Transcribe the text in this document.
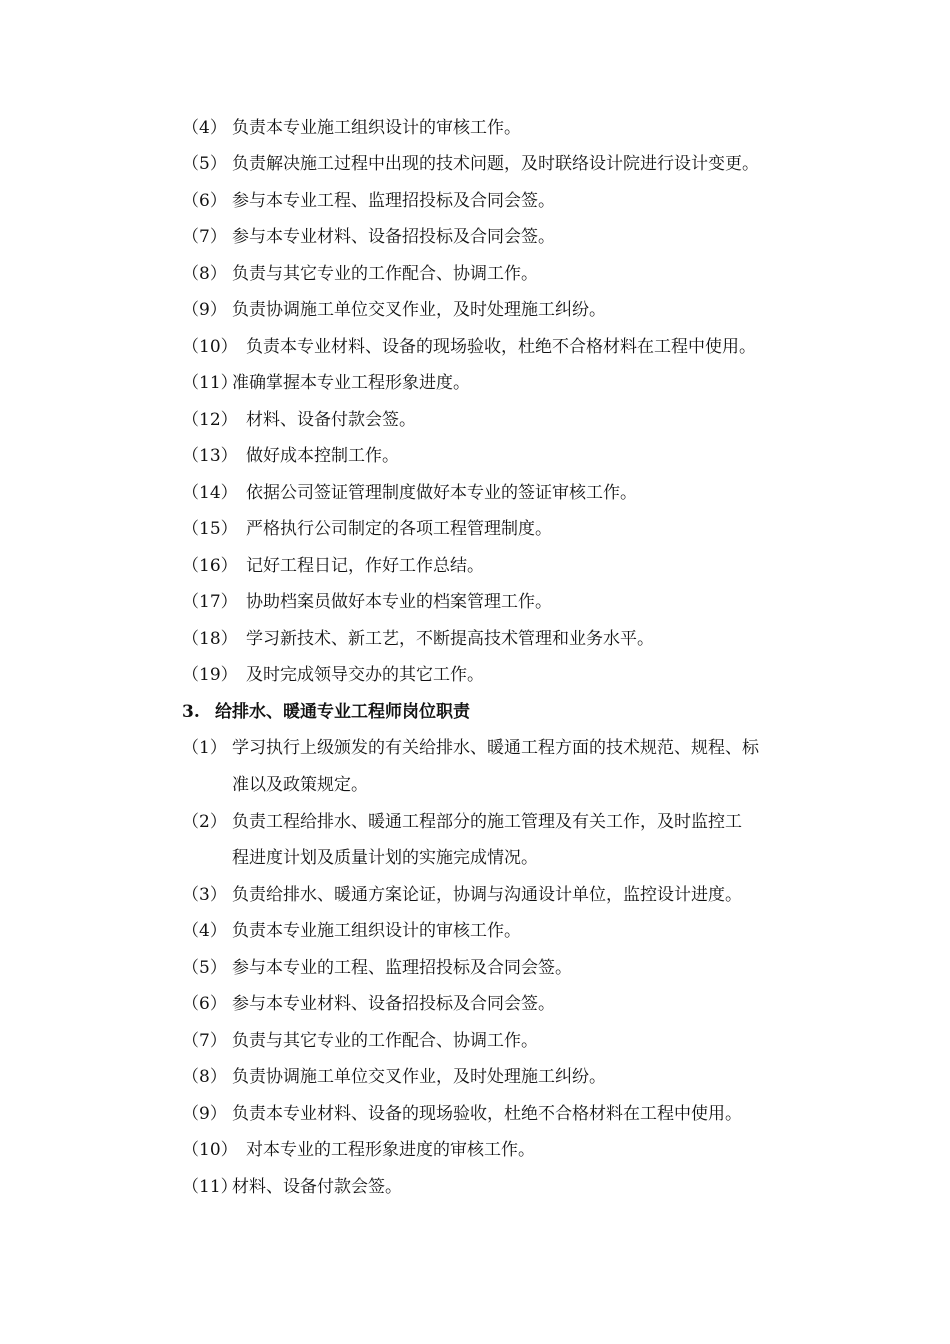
（4） 负责本专业施工组织设计的审核工作。
（5） 负责解决施工过程中出现的技术问题，及时联络设计院进行设计变更。
（6） 参与本专业工程、监理招投标及合同会签。
（7） 参与本专业材料、设备招投标及合同会签。
（8） 负责与其它专业的工作配合、协调工作。
（9） 负责协调施工单位交叉作业，及时处理施工纠纷。
（10） 负责本专业材料、设备的现场验收，杜绝不合格材料在工程中使用。
（11）
准确掌握本专业工程形象进度。
（12） 材料、设备付款会签。
（13） 做好成本控制工作。
（14） 依据公司签证管理制度做好本专业的签证审核工作。
（15） 严格执行公司制定的各项工程管理制度。
（16） 记好工程日记，作好工作总结。
（17） 协助档案员做好本专业的档案管理工作。
（18） 学习新技术、新工艺，不断提高技术管理和业务水平。
（19） 及时完成领导交办的其它工作。
3. 给排水、暖通专业工程师岗位职责
（1） 学习执行上级颁发的有关给排水、暖通工程方面的技术规范、规程、标
准以及政策规定。
（2） 负责工程给排水、暖通工程部分的施工管理及有关工作，及时监控工
程进度计划及质量计划的实施完成情况。
（3） 负责给排水、暖通方案论证，协调与沟通设计单位，监控设计进度。
（4） 负责本专业施工组织设计的审核工作。
（5） 参与本专业的工程、监理招投标及合同会签。
（6） 参与本专业材料、设备招投标及合同会签。
（7） 负责与其它专业的工作配合、协调工作。
（8） 负责协调施工单位交叉作业，及时处理施工纠纷。
（9） 负责本专业材料、设备的现场验收，杜绝不合格材料在工程中使用。
（10） 对本专业的工程形象进度的审核工作。
（11）
材料、设备付款会签。
